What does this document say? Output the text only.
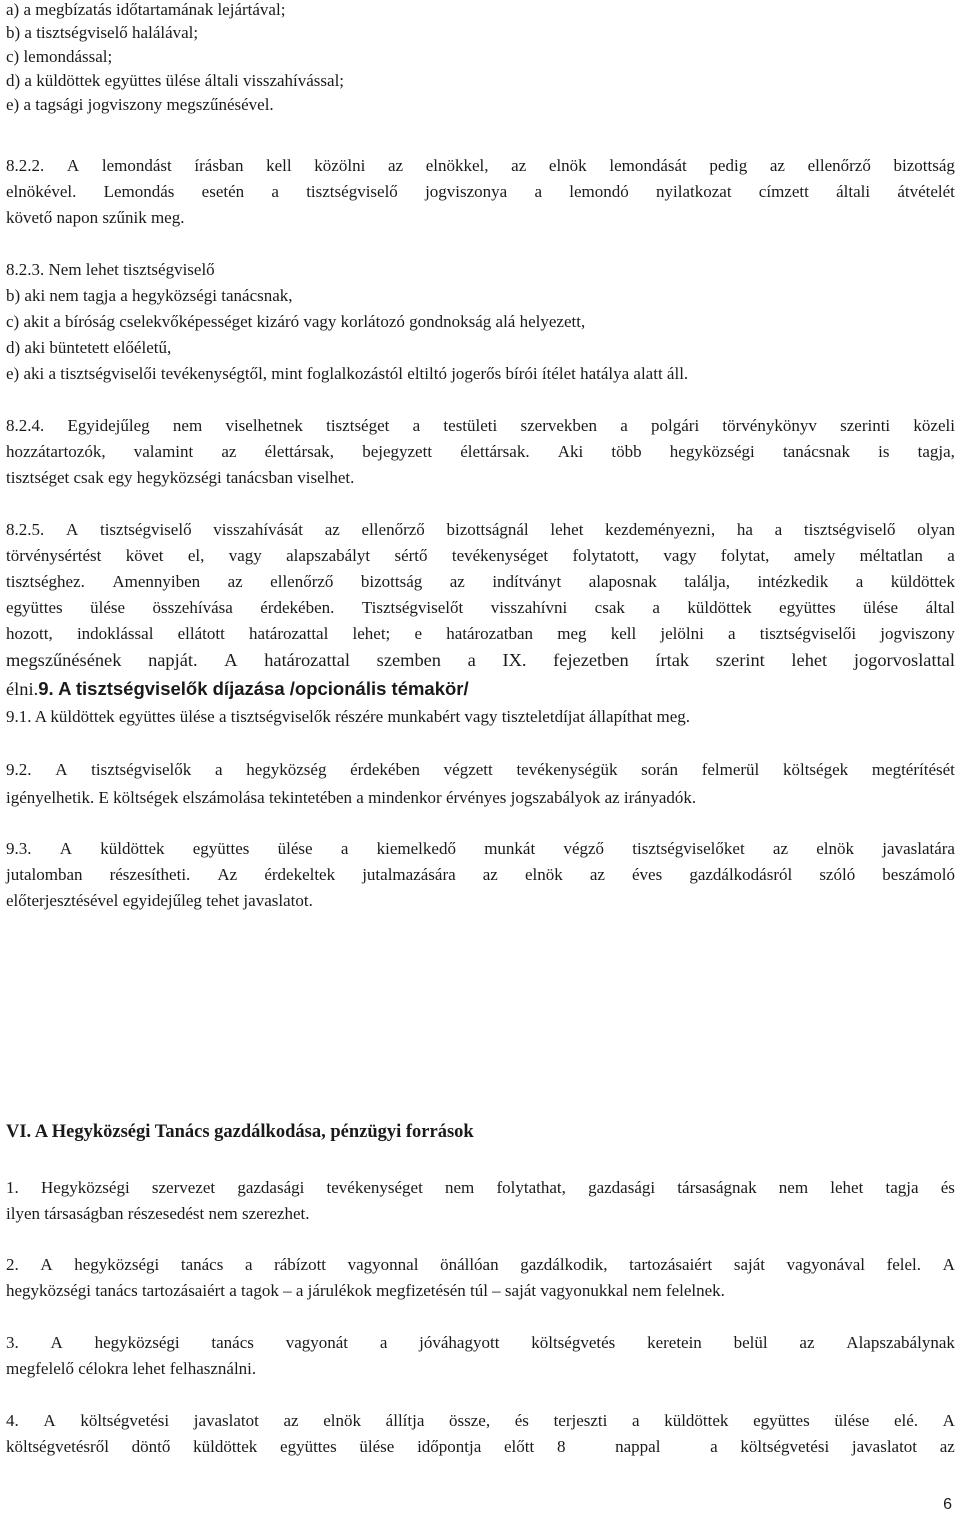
a) a megbízatás időtartamának lejártával;
b) a tisztségviselő halálával;
c) lemondással;
d) a küldöttek együttes ülése általi visszahívással;
e) a tagsági jogviszony megszűnésével.
8.2.2. A lemondást írásban kell közölni az elnökkel, az elnök lemondását pedig az ellenőrző bizottság
elnökével. Lemondás esetén a tisztségviselő jogviszonya a lemondó nyilatkozat címzett általi átvételét
követő napon szűnik meg.
8.2.3. Nem lehet tisztségviselő
b) aki nem tagja a hegyközségi tanácsnak,
c) akit a bíróság cselekvőképességet kizáró vagy korlátozó gondnokság alá helyezett,
d) aki büntetett előéletű,
e) aki a tisztségviselői tevékenységtől, mint foglalkozástól eltiltó jogerős bírói ítélet hatálya alatt áll.
8.2.4. Egyidejűleg nem viselhetnek tisztséget a testületi szervekben a polgári törvénykönyv szerinti közeli
hozzátartozók, valamint az élettársak, bejegyzett élettársak. Aki több hegyközségi tanácsnak is tagja,
tisztséget csak egy hegyközségi tanácsban viselhet.
8.2.5. A tisztségviselő visszahívását az ellenőrző bizottságnál lehet kezdeményezni, ha a tisztségviselő olyan
törvénysértést követ el, vagy alapszabályt sértő tevékenységet folytatott, vagy folytat, amely méltatlan a
tisztséghez. Amennyiben az ellenőrző bizottság az indítványt alaposnak találja, intézkedik a küldöttek
együttes ülése összehívása érdekében. Tisztségviselőt visszahívni csak a küldöttek együttes ülése által
hozott, indoklással ellátott határozattal lehet; e határozatban meg kell jelölni a tisztségviselői jogviszony
megszűnésének napját. A határozattal szemben a IX. fejezetben írtak szerint lehet jogorvoslattal
élni.9. A tisztségviselők díjazása /opcionális témakör/
9.1. A küldöttek együttes ülése a tisztségviselők részére munkabért vagy tiszteletdíjat állapíthat meg.
9.2. A tisztségviselők a hegyközség érdekében végzett tevékenységük során felmerül költségek megtérítését
igényelhetik. E költségek elszámolása tekintetében a mindenkor érvényes jogszabályok az irányadók.
9.3. A küldöttek együttes ülése a kiemelkedő munkát végző tisztségviselőket az elnök javaslatára
jutalomban részesítheti. Az érdekeltek jutalmazására az elnök az éves gazdálkodásról szóló beszámoló
előterjesztésével egyidejűleg tehet javaslatot.
VI. A Hegyközségi Tanács gazdálkodása, pénzügyi források
1. Hegyközségi szervezet gazdasági tevékenységet nem folytathat, gazdasági társaságnak nem lehet tagja és
ilyen társaságban részesedést nem szerezhet.
2. A hegyközségi tanács a rábízott vagyonnal önállóan gazdálkodik, tartozásaiért saját vagyonával felel. A
hegyközségi tanács tartozásaiért a tagok – a járulékok megfizetésén túl – saját vagyonukkal nem felelnek.
3. A hegyközségi tanács vagyonát a jóváhagyott költségvetés keretein belül az Alapszabálynak
megfelelő célokra lehet felhasználni.
4. A költségvetési javaslatot az elnök állítja össze, és terjeszti a küldöttek együttes ülése elé. A
költségvetésről döntő küldöttek együttes ülése időpontja előtt 8
	nappal
	a költségvetési javaslatot az
6
